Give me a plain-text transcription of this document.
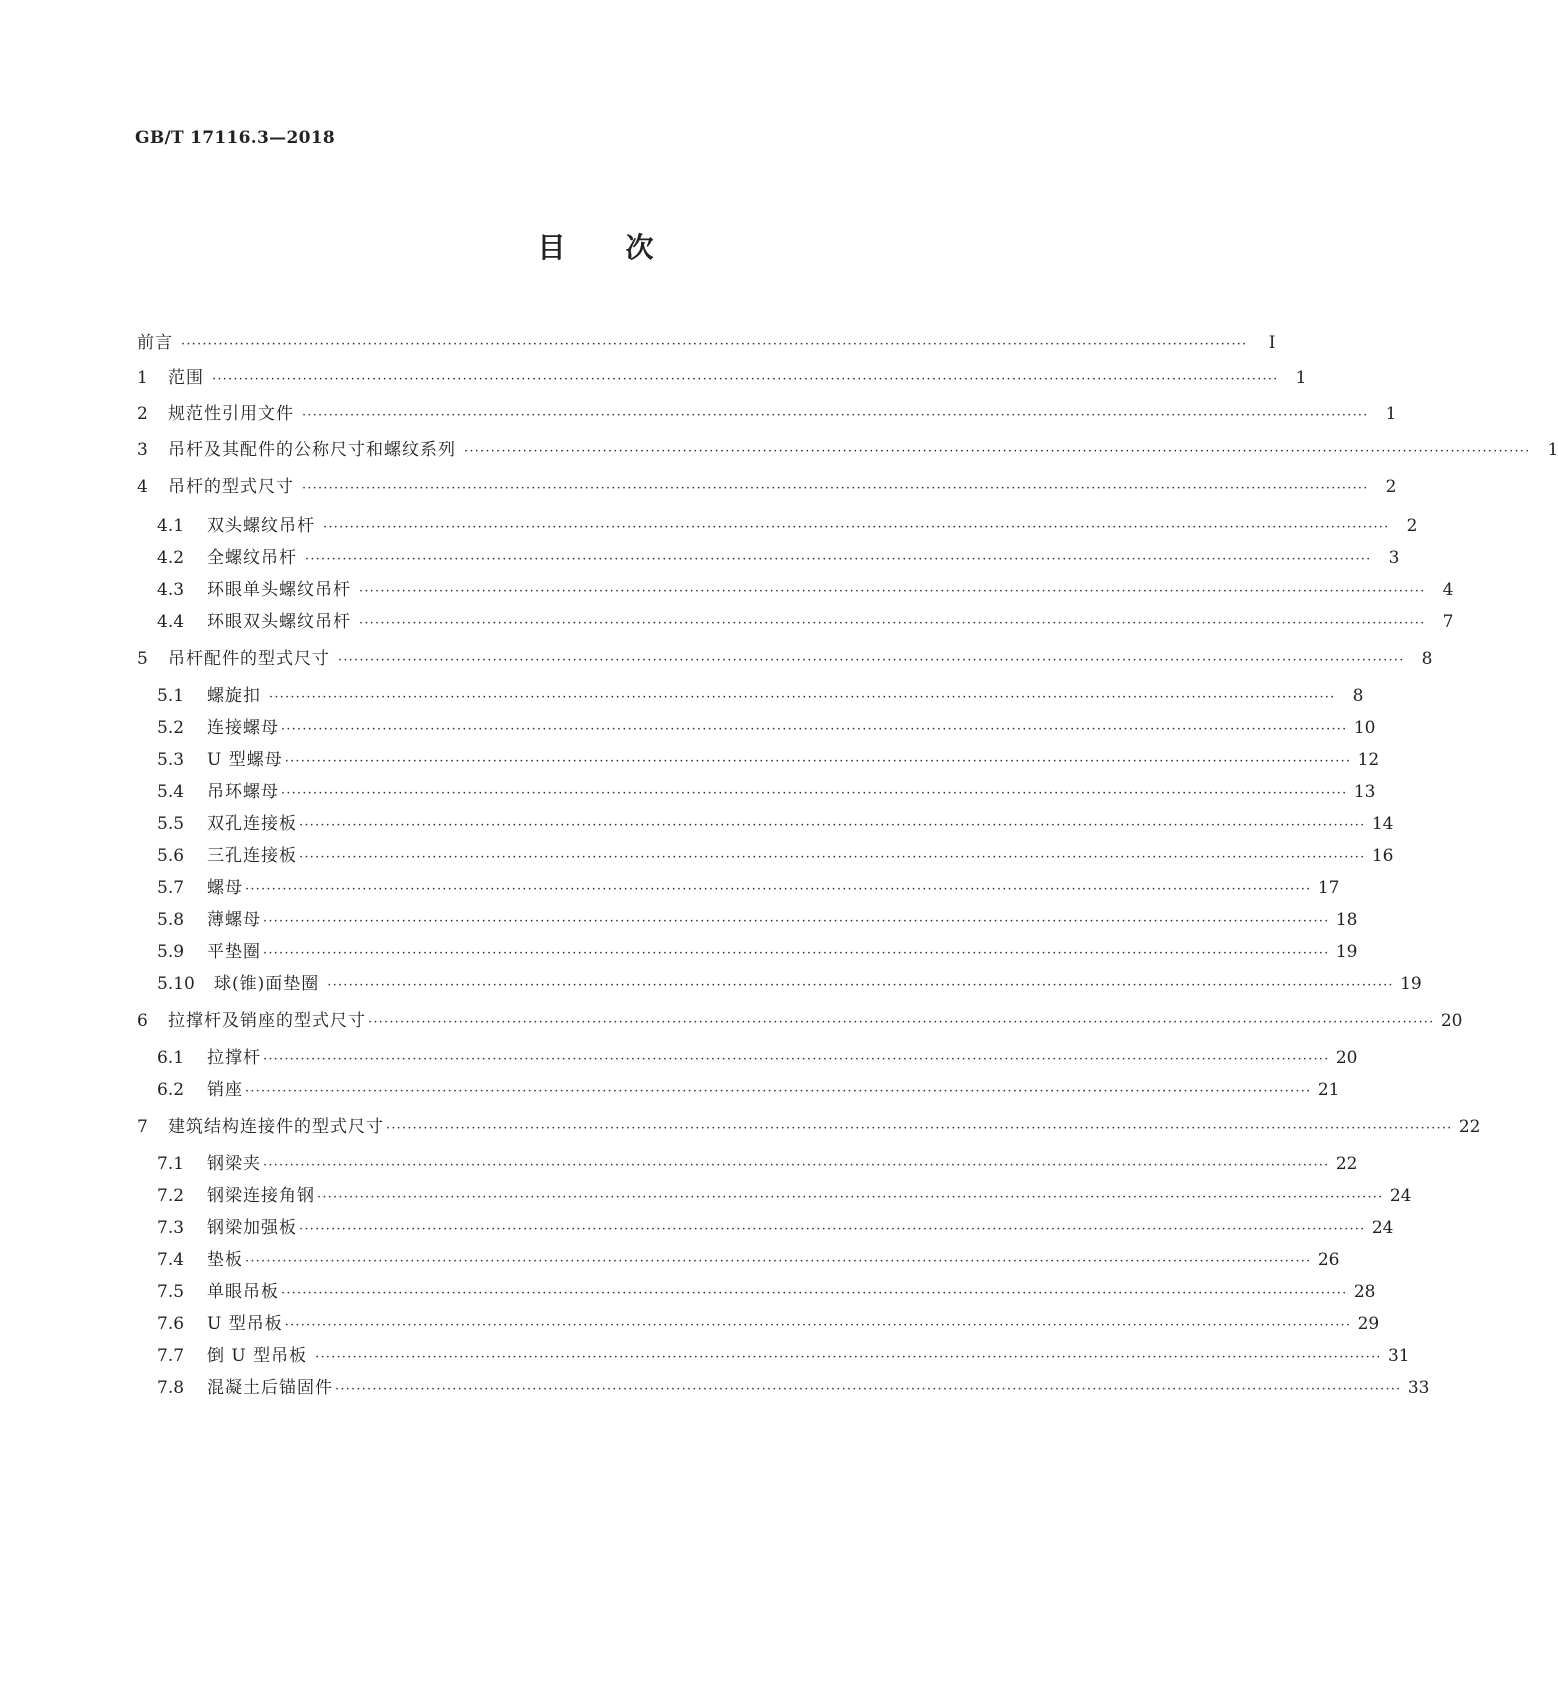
GB/T 17116.3—2018
目次
前言 ········································································································································································································	Ⅰ
1	范围 ········································································································································································································	1
2	规范性引用文件 ········································································································································································································	1
3	吊杆及其配件的公称尺寸和螺纹系列 ········································································································································································································	1
4	吊杆的型式尺寸 ········································································································································································································	2
4.1	双头螺纹吊杆 ········································································································································································································	2
4.2	全螺纹吊杆 ········································································································································································································	3
4.3	环眼单头螺纹吊杆 ········································································································································································································	4
4.4	环眼双头螺纹吊杆 ········································································································································································································	7
5	吊杆配件的型式尺寸 ········································································································································································································	8
5.1	螺旋扣 ········································································································································································································	8
5.2	连接螺母 ········································································································································································································ 10
5.3	U 型螺母 ········································································································································································································ 12
5.4	吊环螺母 ········································································································································································································ 13
5.5	双孔连接板 ········································································································································································································ 14
5.6	三孔连接板 ········································································································································································································ 16
5.7	螺母 ········································································································································································································ 17
5.8	薄螺母 ········································································································································································································ 18
5.9	平垫圈 ········································································································································································································ 19
5.10	球(锥)面垫圈 ········································································································································································································ 19
6	拉撑杆及销座的型式尺寸 ········································································································································································································ 20
6.1	拉撑杆 ········································································································································································································ 20
6.2	销座 ········································································································································································································ 21
7	建筑结构连接件的型式尺寸 ········································································································································································································ 22
7.1	钢梁夹 ········································································································································································································ 22
7.2	钢梁连接角钢 ········································································································································································································ 24
7.3	钢梁加强板 ········································································································································································································ 24
7.4	垫板 ········································································································································································································ 26
7.5	单眼吊板 ········································································································································································································ 28
7.6	U 型吊板 ········································································································································································································ 29
7.7	倒 U 型吊板 ········································································································································································································ 31
7.8	混凝土后锚固件 ········································································································································································································ 33
